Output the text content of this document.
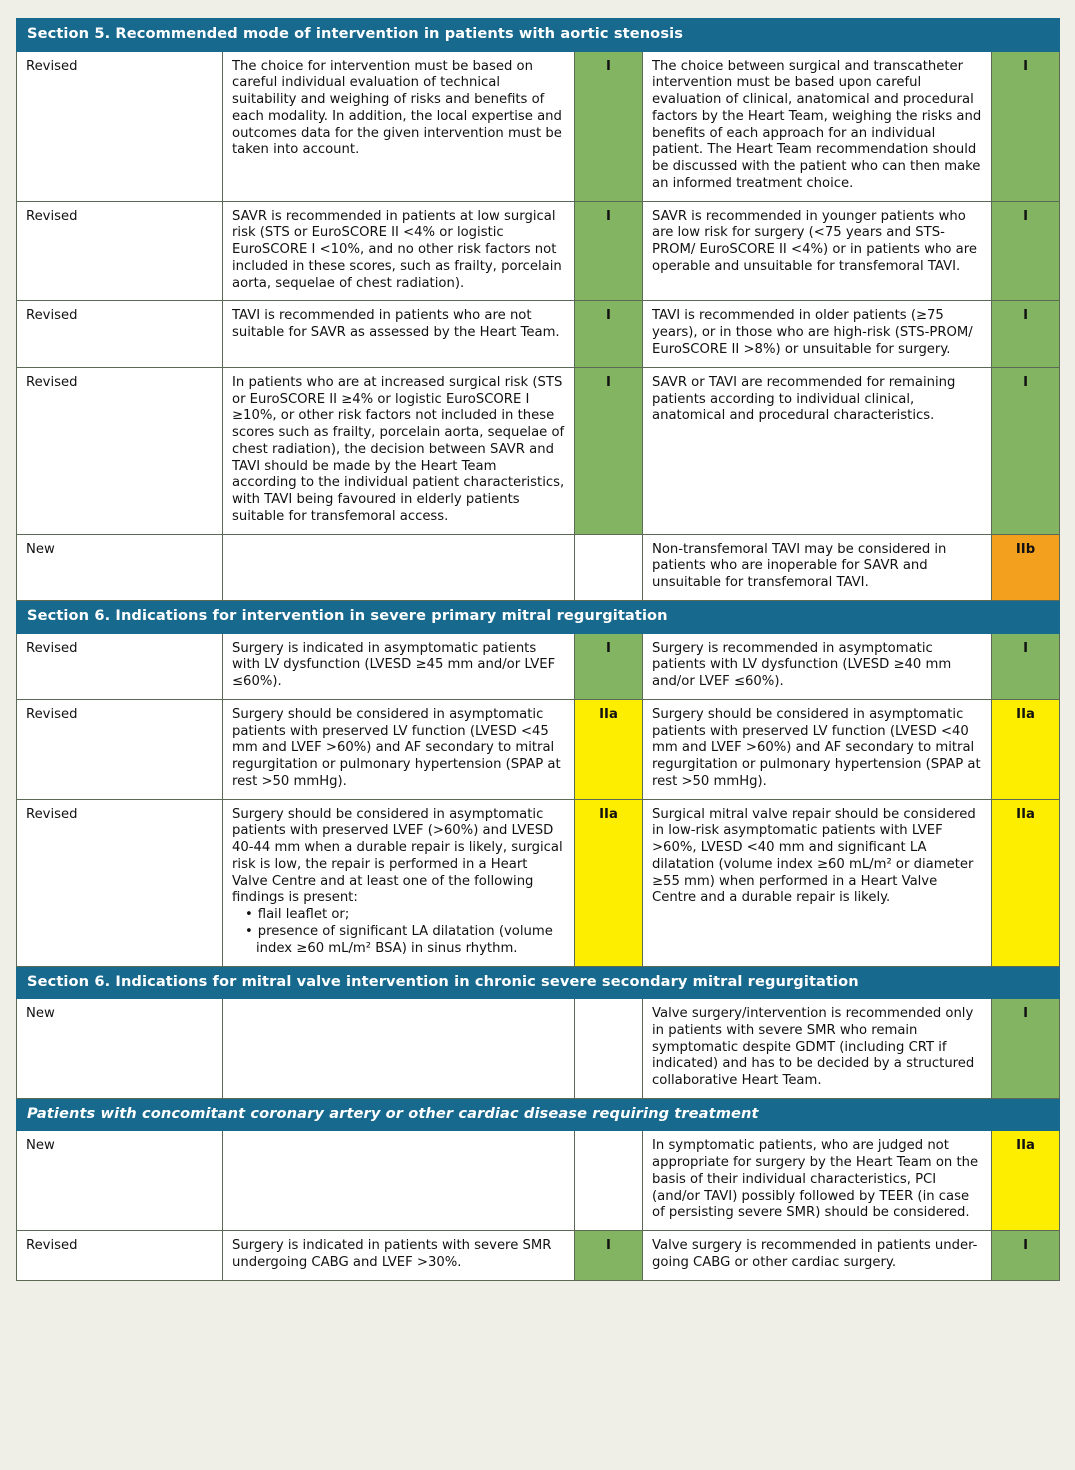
Section 5. Recommended mode of intervention in patients with aortic stenosis				
Revised	The choice for intervention must be based on careful individual evaluation of technical suitability and weighing of risks and benefits of each modality. In addition, the local expertise and outcomes data for the given intervention must be taken into account.	I	The choice between surgical and transcatheter intervention must be based upon careful evaluation of clinical, anatomical and procedural factors by the Heart Team, weighing the risks and benefits of each approach for an individual patient. The Heart Team recommendation should be discussed with the patient who can then make an informed treatment choice.	I
Revised	SAVR is recommended in patients at low surgical risk (STS or EuroSCORE II <4% or logistic EuroSCORE I <10%, and no other risk factors not included in these scores, such as frailty, porcelain aorta, sequelae of chest radiation).	I	SAVR is recommended in younger patients who are low risk for surgery (<75 years and STS-PROM/ EuroSCORE II <4%) or in patients who are operable and unsuitable for transfemoral TAVI.	I
Revised	TAVI is recommended in patients who are not suitable for SAVR as assessed by the Heart Team.	I	TAVI is recommended in older patients (≥75 years), or in those who are high-risk (STS-PROM/ EuroSCORE II >8%) or unsuitable for surgery.	I
Revised	In patients who are at increased surgical risk (STS or EuroSCORE II ≥4% or logistic EuroSCORE I ≥10%, or other risk factors not included in these scores such as frailty, porcelain aorta, sequelae of chest radiation), the decision between SAVR and TAVI should be made by the Heart Team according to the individual patient characteristics, with TAVI being favoured in elderly patients suitable for transfemoral access.	I	SAVR or TAVI are recommended for remaining patients according to individual clinical, anatomical and procedural characteristics.	I
New			Non-transfemoral TAVI may be considered in patients who are inoperable for SAVR and unsuitable for transfemoral TAVI.	IIb
Section 6. Indications for intervention in severe primary mitral regurgitation				
Revised	Surgery is indicated in asymptomatic patients with LV dysfunction (LVESD ≥45 mm and/or LVEF ≤60%).	I	Surgery is recommended in asymptomatic patients with LV dysfunction (LVESD ≥40 mm and/or LVEF ≤60%).	I
Revised	Surgery should be considered in asymptomatic patients with preserved LV function (LVESD <45 mm and LVEF >60%) and AF secondary to mitral regurgitation or pulmonary hypertension (SPAP at rest >50 mmHg).	IIa	Surgery should be considered in asymptomatic patients with preserved LV function (LVESD <40 mm and LVEF >60%) and AF secondary to mitral regurgitation or pulmonary hypertension (SPAP at rest >50 mmHg).	IIa
Revised	Surgery should be considered in asymptomatic patients with preserved LVEF (>60%) and LVESD 40-44 mm when a durable repair is likely, surgical risk is low, the repair is performed in a Heart Valve Centre and at least one of the following findings is present:
• flail leaflet or;
• presence of significant LA dilatation (volume index ≥60 mL/m² BSA) in sinus rhythm.
	IIa	Surgical mitral valve repair should be considered in low-risk asymptomatic patients with LVEF >60%, LVESD <40 mm and significant LA dilatation (volume index ≥60 mL/m² or diameter ≥55 mm) when performed in a Heart Valve Centre and a durable repair is likely.	IIa
Section 6. Indications for mitral valve intervention in chronic severe secondary mitral regurgitation				
New			Valve surgery/intervention is recommended only in patients with severe SMR who remain symptomatic despite GDMT (including CRT if indicated) and has to be decided by a structured collaborative Heart Team.	I
Patients with concomitant coronary artery or other cardiac disease requiring treatment				
New			In symptomatic patients, who are judged not appropriate for surgery by the Heart Team on the basis of their individual characteristics, PCI (and/or TAVI) possibly followed by TEER (in case of persisting severe SMR) should be considered.	IIa
Revised	Surgery is indicated in patients with severe SMR undergoing CABG and LVEF >30%.	I	Valve surgery is recommended in patients under-going CABG or other cardiac surgery.	I
